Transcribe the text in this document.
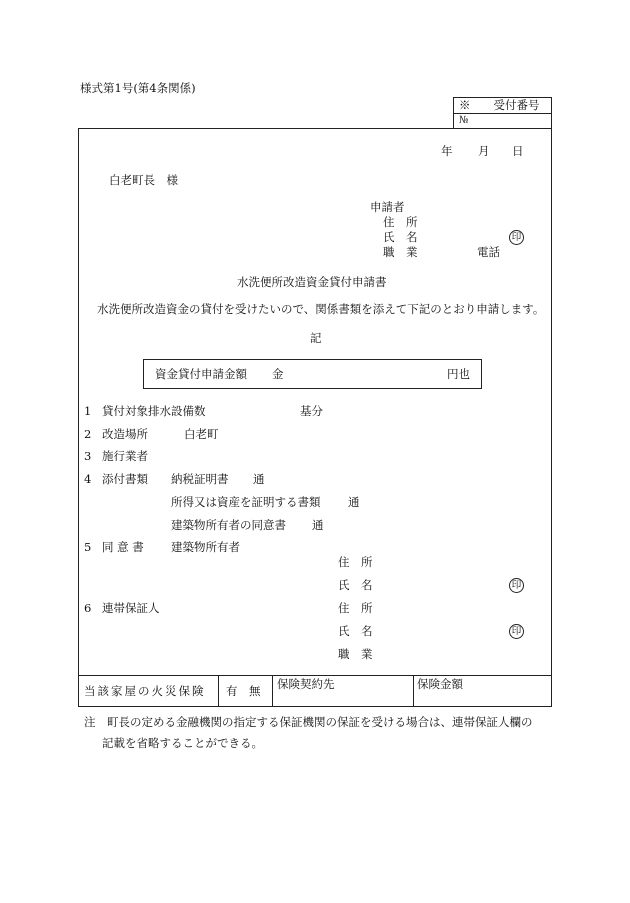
様式第1号(第4条関係)
※　　受付番号
№
年 月 日
白老町長　様
申請者
住　所
氏　名	印
職　業	電話
水洗便所改造資金貸付申請書
水洗便所改造資金の貸付を受けたいので、関係書類を添えて下記のとおり申請します。
記
資金貸付申請金額 金	円也
1 貸付対象排水設備数	基分
2 改造場所	白老町
3 施行業者
4 添付書類 納税証明書 通
所得又は資産を証明する書類 通
建築物所有者の同意書 通
5 同 意 書 建築物所有者
住　所
氏　名	印
6 連帯保証人	住　所
氏　名	印
職　業
当該家屋の火災保険 有　無 保険契約先	保険金額
注　町長の定める金融機関の指定する保証機関の保証を受ける場合は、連帯保証人欄の
記載を省略することができる。
